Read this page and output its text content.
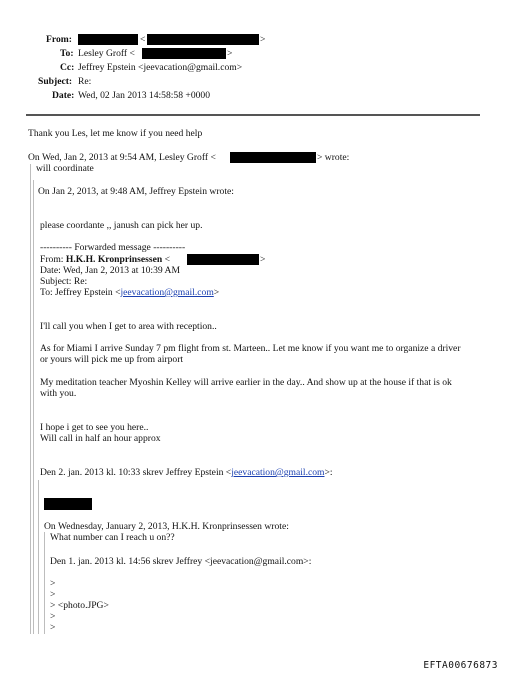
From:	<	>
To: Lesley Groff <	>
Cc: Jeffrey Epstein <jeevacation@gmail.com>
Subject: Re:
Date: Wed, 02 Jan 2013 14:58:58 +0000
Thank you Les, let me know if you need help
On Wed, Jan 2, 2013 at 9:54 AM, Lesley Groff <	> wrote:
will coordinate
On Jan 2, 2013, at 9:48 AM, Jeffrey Epstein wrote:
please coordante ,, janush can pick her up.
---------- Forwarded message ----------
From: H.K.H. Kronprinsessen <	>
Date: Wed, Jan 2, 2013 at 10:39 AM
Subject: Re:
To: Jeffrey Epstein <jeevacation@gmail.com>
I'll call you when I get to area with reception..
As for Miami I arrive Sunday 7 pm flight from st. Marteen.. Let me know if you want me to organize a driver
or yours will pick me up from airport
My meditation teacher Myoshin Kelley will arrive earlier in the day.. And show up at the house if that is ok
with you.
I hope i get to see you here..
Will call in half an hour approx
Den 2. jan. 2013 kl. 10:33 skrev Jeffrey Epstein <jeevacation@gmail.com>:
On Wednesday, January 2, 2013, H.K.H. Kronprinsessen wrote:
What number can I reach u on??
Den 1. jan. 2013 kl. 14:56 skrev Jeffrey <jeevacation@gmail.com>:
>
>
> <photo.JPG>
>
>
EFTA00676873
